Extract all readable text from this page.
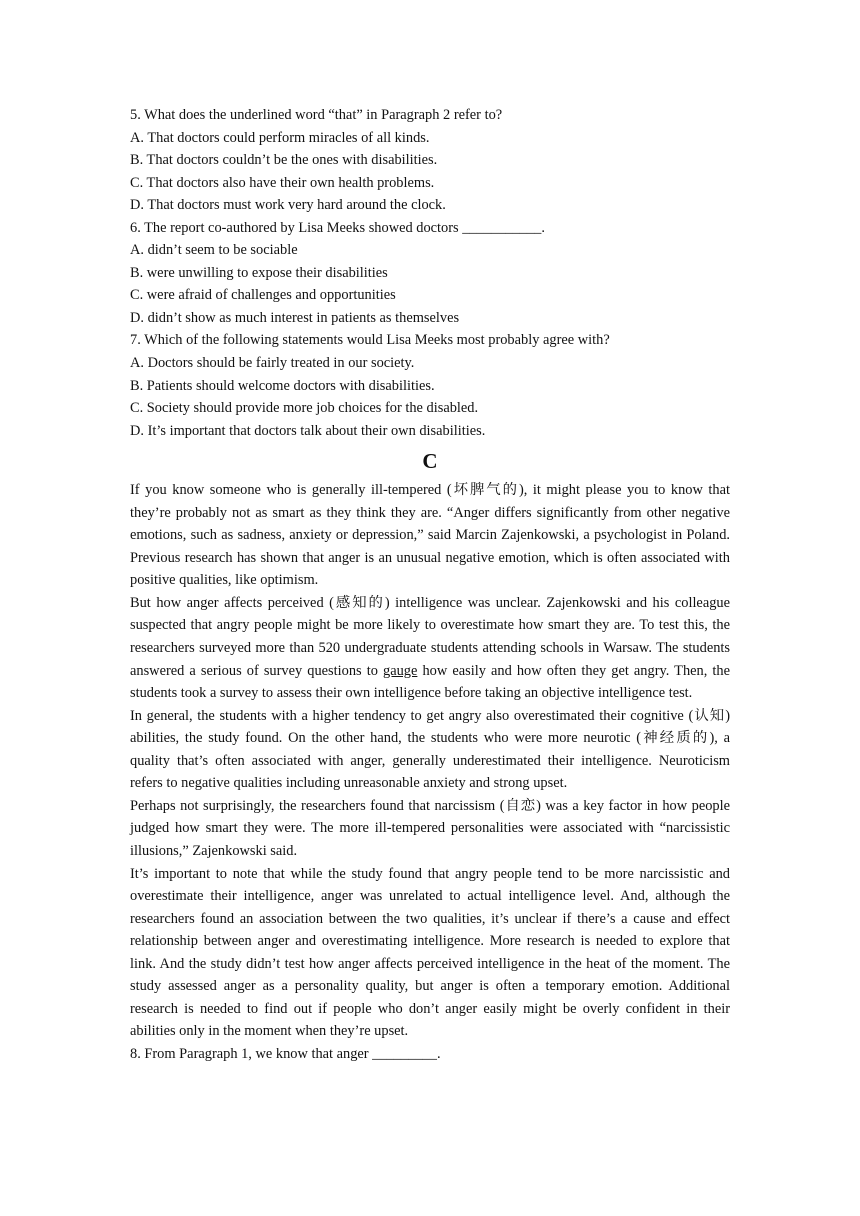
5. What does the underlined word “that” in Paragraph 2 refer to?

A. That doctors could perform miracles of all kinds.

B. That doctors couldn’t be the ones with disabilities.

C. That doctors also have their own health problems.

D. That doctors must work very hard around the clock.

6. The report co-authored by Lisa Meeks showed doctors ___________.

A. didn’t seem to be sociable

B. were unwilling to expose their disabilities

C. were afraid of challenges and opportunities

D. didn’t show as much interest in patients as themselves

7. Which of the following statements would Lisa Meeks most probably agree with?

A. Doctors should be fairly treated in our society.

B. Patients should welcome doctors with disabilities.

C. Society should provide more job choices for the disabled.

D. It’s important that doctors talk about their own disabilities.

C

If you know someone who is generally ill-tempered (坏脾气的), it might please you to know that they’re probably not as smart as they think they are. “Anger differs significantly from other negative emotions, such as sadness, anxiety or depression,” said Marcin Zajenkowski, a psychologist in Poland. Previous research has shown that anger is an unusual negative emotion, which is often associated with positive qualities, like optimism.

But how anger affects perceived (感知的) intelligence was unclear. Zajenkowski and his colleague suspected that angry people might be more likely to overestimate how smart they are. To test this, the researchers surveyed more than 520 undergraduate students attending schools in Warsaw. The students answered a serious of survey questions to gauge how easily and how often they get angry. Then, the students took a survey to assess their own intelligence before taking an objective intelligence test.

In general, the students with a higher tendency to get angry also overestimated their cognitive (认知) abilities, the study found. On the other hand, the students who were more neurotic (神经质的), a quality that’s often associated with anger, generally underestimated their intelligence. Neuroticism refers to negative qualities including unreasonable anxiety and strong upset.

Perhaps not surprisingly, the researchers found that narcissism (自恋) was a key factor in how people judged how smart they were. The more ill-tempered personalities were associated with “narcissistic illusions,” Zajenkowski said.

It’s important to note that while the study found that angry people tend to be more narcissistic and overestimate their intelligence, anger was unrelated to actual intelligence level. And, although the researchers found an association between the two qualities, it’s unclear if there’s a cause and effect relationship between anger and overestimating intelligence. More research is needed to explore that link. And the study didn’t test how anger affects perceived intelligence in the heat of the moment. The study assessed anger as a personality quality, but anger is often a temporary emotion. Additional research is needed to find out if people who don’t anger easily might be overly confident in their abilities only in the moment when they’re upset.

8. From Paragraph 1, we know that anger _________.
